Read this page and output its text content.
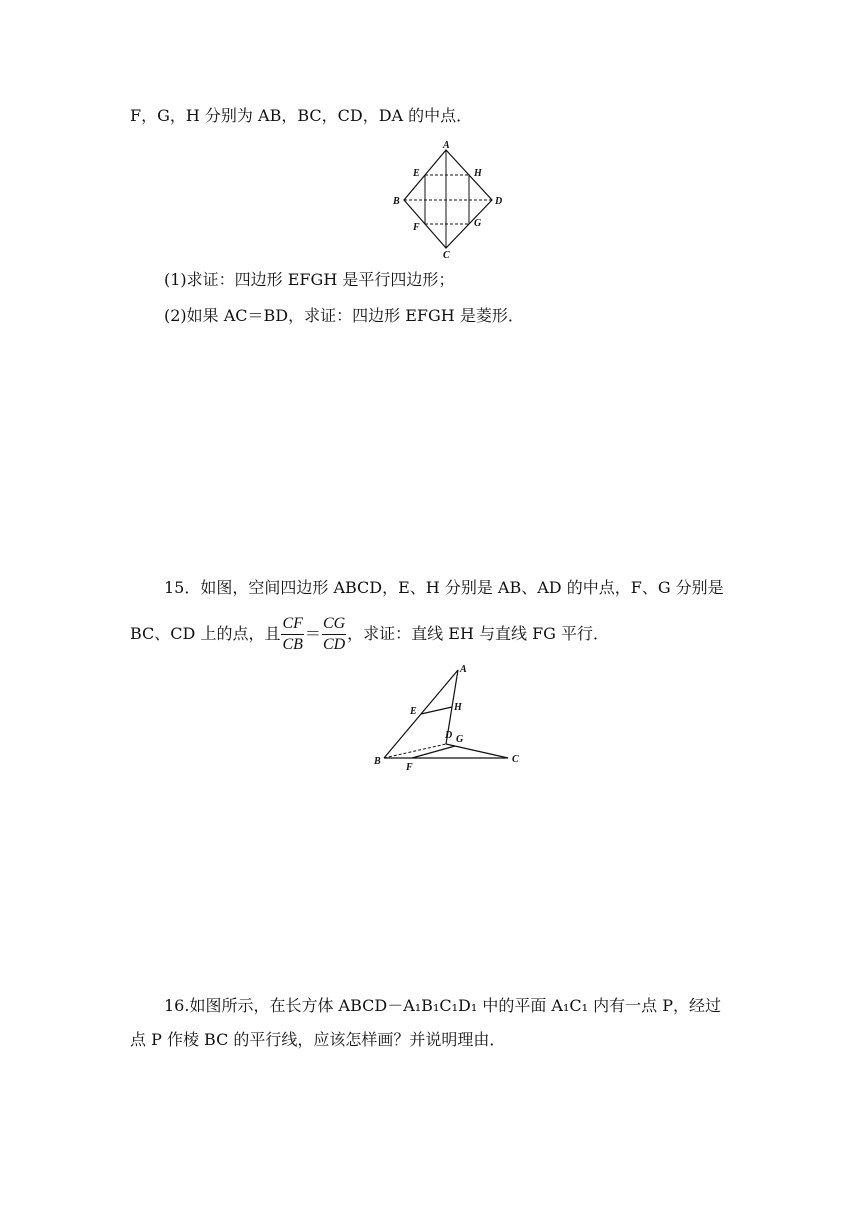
F，G，H 分别为 AB，BC，CD，DA 的中点．
A
B
C
D
E
F	G
H
(1)求证：四边形 EFGH 是平行四边形；
(2)如果 AC＝BD，求证：四边形 EFGH 是菱形．
15．如图，空间四边形 ABCD，E、H 分别是 AB、AD 的中点，F、G 分别是
BC、CD 上的点，且 $\frac{CF}{CB} = \frac{CG}{CD}$ ，求证：直线 EH 与直线 FG 平行．
A
B	C
D
E
F
G
H
16.如图所示，在长方体 ABCD－A₁B₁C₁D₁ 中的平面 A₁C₁ 内有一点 P，经过
点 P 作棱 BC 的平行线，应该怎样画？并说明理由．
